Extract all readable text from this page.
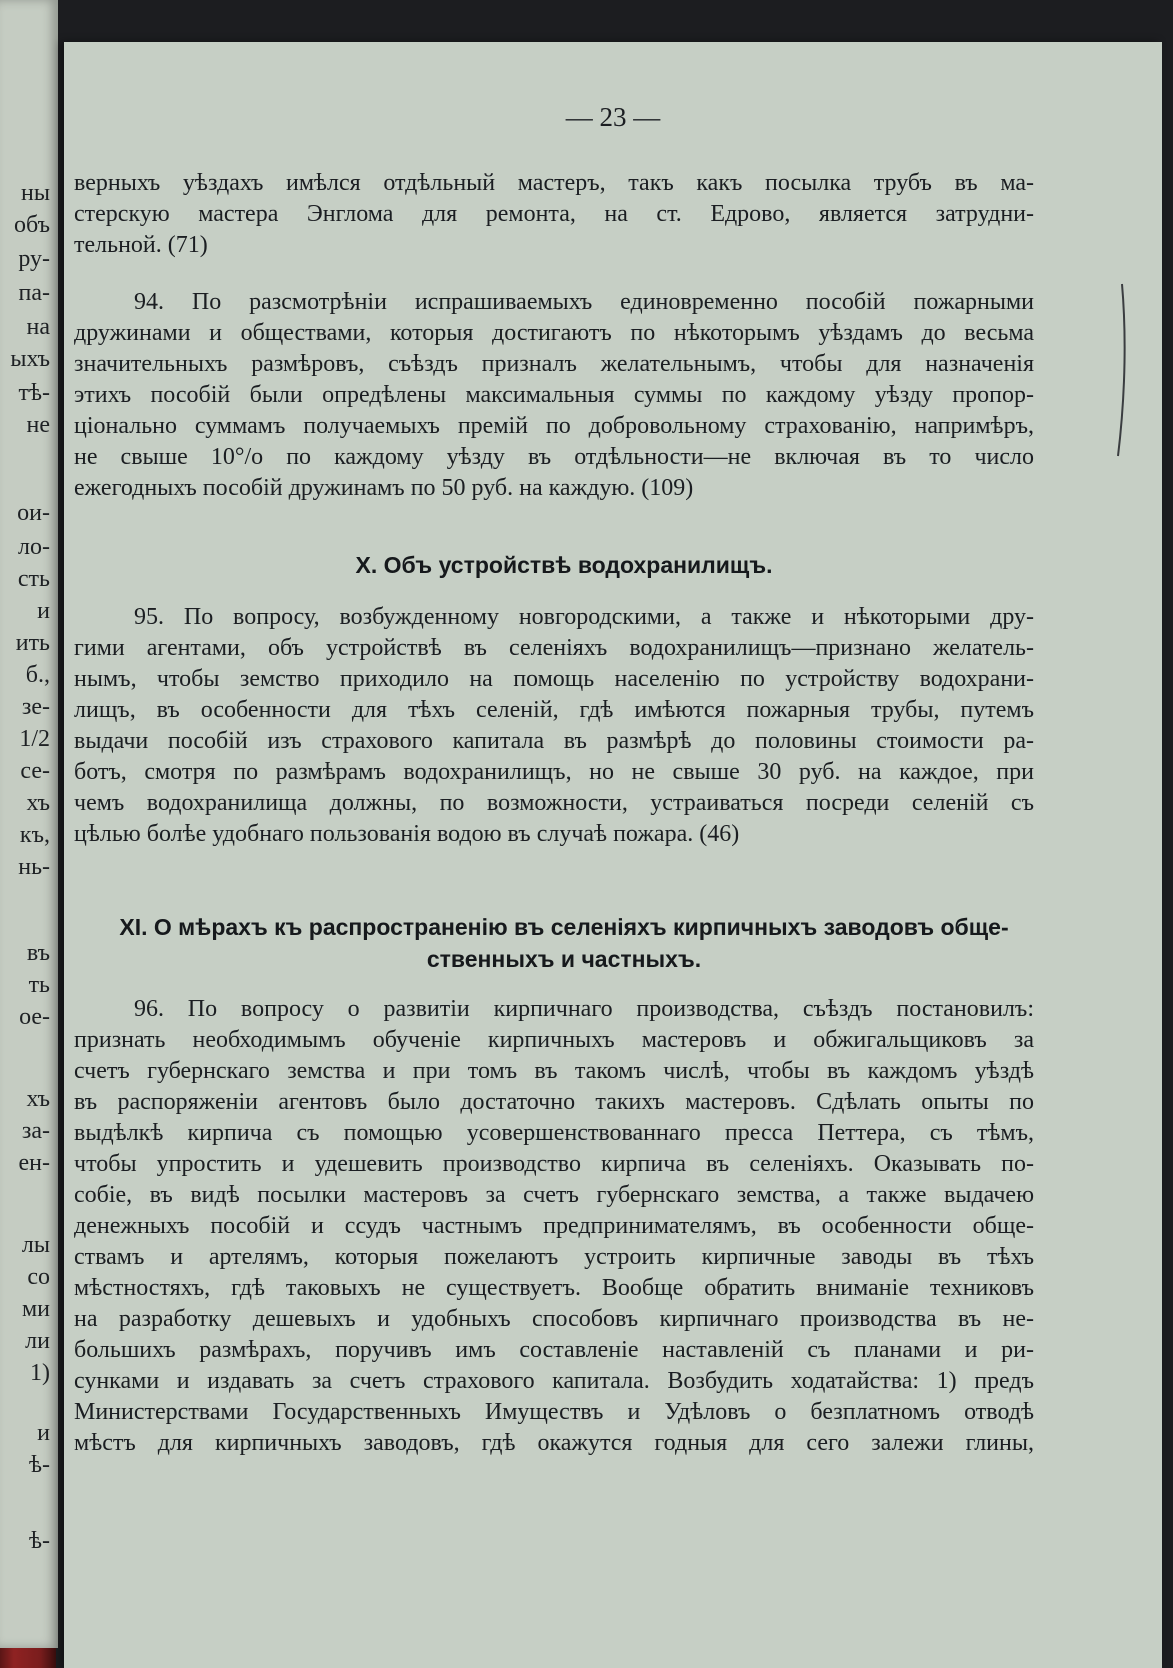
ны
объ
ру-
па-
на
ыхъ
тѣ-
не
ои-
ло-
сть
и
ить
б.,
зе-
1/2
се-
хъ
къ,
нь-
въ
ть
ое-
хъ
за-
ен-
лы
со
ми
ли
1)
и
ѣ-
ѣ-
— 23 —
верныхъ уѣздахъ имѣлся отдѣльный мастеръ, такъ какъ посылка трубъ въ ма-
стерскую мастера Энглома для ремонта, на ст. Едрово, является затрудни-
тельной. (71)
94. По разсмотрѣніи испрашиваемыхъ единовременно пособій пожарными
дружинами и обществами, которыя достигаютъ по нѣкоторымъ уѣздамъ до весьма
значительныхъ размѣровъ, съѣздъ призналъ желательнымъ, чтобы для назначенія
этихъ пособій были опредѣлены максимальныя суммы по каждому уѣзду пропор-
ціонально суммамъ получаемыхъ премій по добровольному страхованію, напримѣръ,
не свыше 10°/о по каждому уѣзду въ отдѣльности—не включая въ то число
ежегодныхъ пособій дружинамъ по 50 руб. на каждую. (109)
X. Объ устройствѣ водохранилищъ.
95. По вопросу, возбужденному новгородскими, а также и нѣкоторыми дру-
гими агентами, объ устройствѣ въ селеніяхъ водохранилищъ—признано желатель-
нымъ, чтобы земство приходило на помощь населенію по устройству водохрани-
лищъ, въ особенности для тѣхъ селеній, гдѣ имѣются пожарныя трубы, путемъ
выдачи пособій изъ страхового капитала въ размѣрѣ до половины стоимости ра-
ботъ, смотря по размѣрамъ водохранилищъ, но не свыше 30 руб. на каждое, при
чемъ водохранилища должны, по возможности, устраиваться посреди селеній съ
цѣлью болѣе удобнаго пользованія водою въ случаѣ пожара. (46)
XI. О мѣрахъ къ распространенію въ селеніяхъ кирпичныхъ заводовъ обще-
ственныхъ и частныхъ.
96. По вопросу о развитіи кирпичнаго производства, съѣздъ постановилъ:
признать необходимымъ обученіе кирпичныхъ мастеровъ и обжигальщиковъ за
счетъ губернскаго земства и при томъ въ такомъ числѣ, чтобы въ каждомъ уѣздѣ
въ распоряженіи агентовъ было достаточно такихъ мастеровъ. Сдѣлать опыты по
выдѣлкѣ кирпича съ помощью усовершенствованнаго пресса Петтера, съ тѣмъ,
чтобы упростить и удешевить производство кирпича въ селеніяхъ. Оказывать по-
собіе, въ видѣ посылки мастеровъ за счетъ губернскаго земства, а также выдачею
денежныхъ пособій и ссудъ частнымъ предпринимателямъ, въ особенности обще-
ствамъ и артелямъ, которыя пожелаютъ устроить кирпичные заводы въ тѣхъ
мѣстностяхъ, гдѣ таковыхъ не существуетъ. Вообще обратить вниманіе техниковъ
на разработку дешевыхъ и удобныхъ способовъ кирпичнаго производства въ не-
большихъ размѣрахъ, поручивъ имъ составленіе наставленій съ планами и ри-
сунками и издавать за счетъ страхового капитала. Возбудить ходатайства: 1) предъ
Министерствами Государственныхъ Имуществъ и Удѣловъ о безплатномъ отводѣ
мѣстъ для кирпичныхъ заводовъ, гдѣ окажутся годныя для сего залежи глины,
